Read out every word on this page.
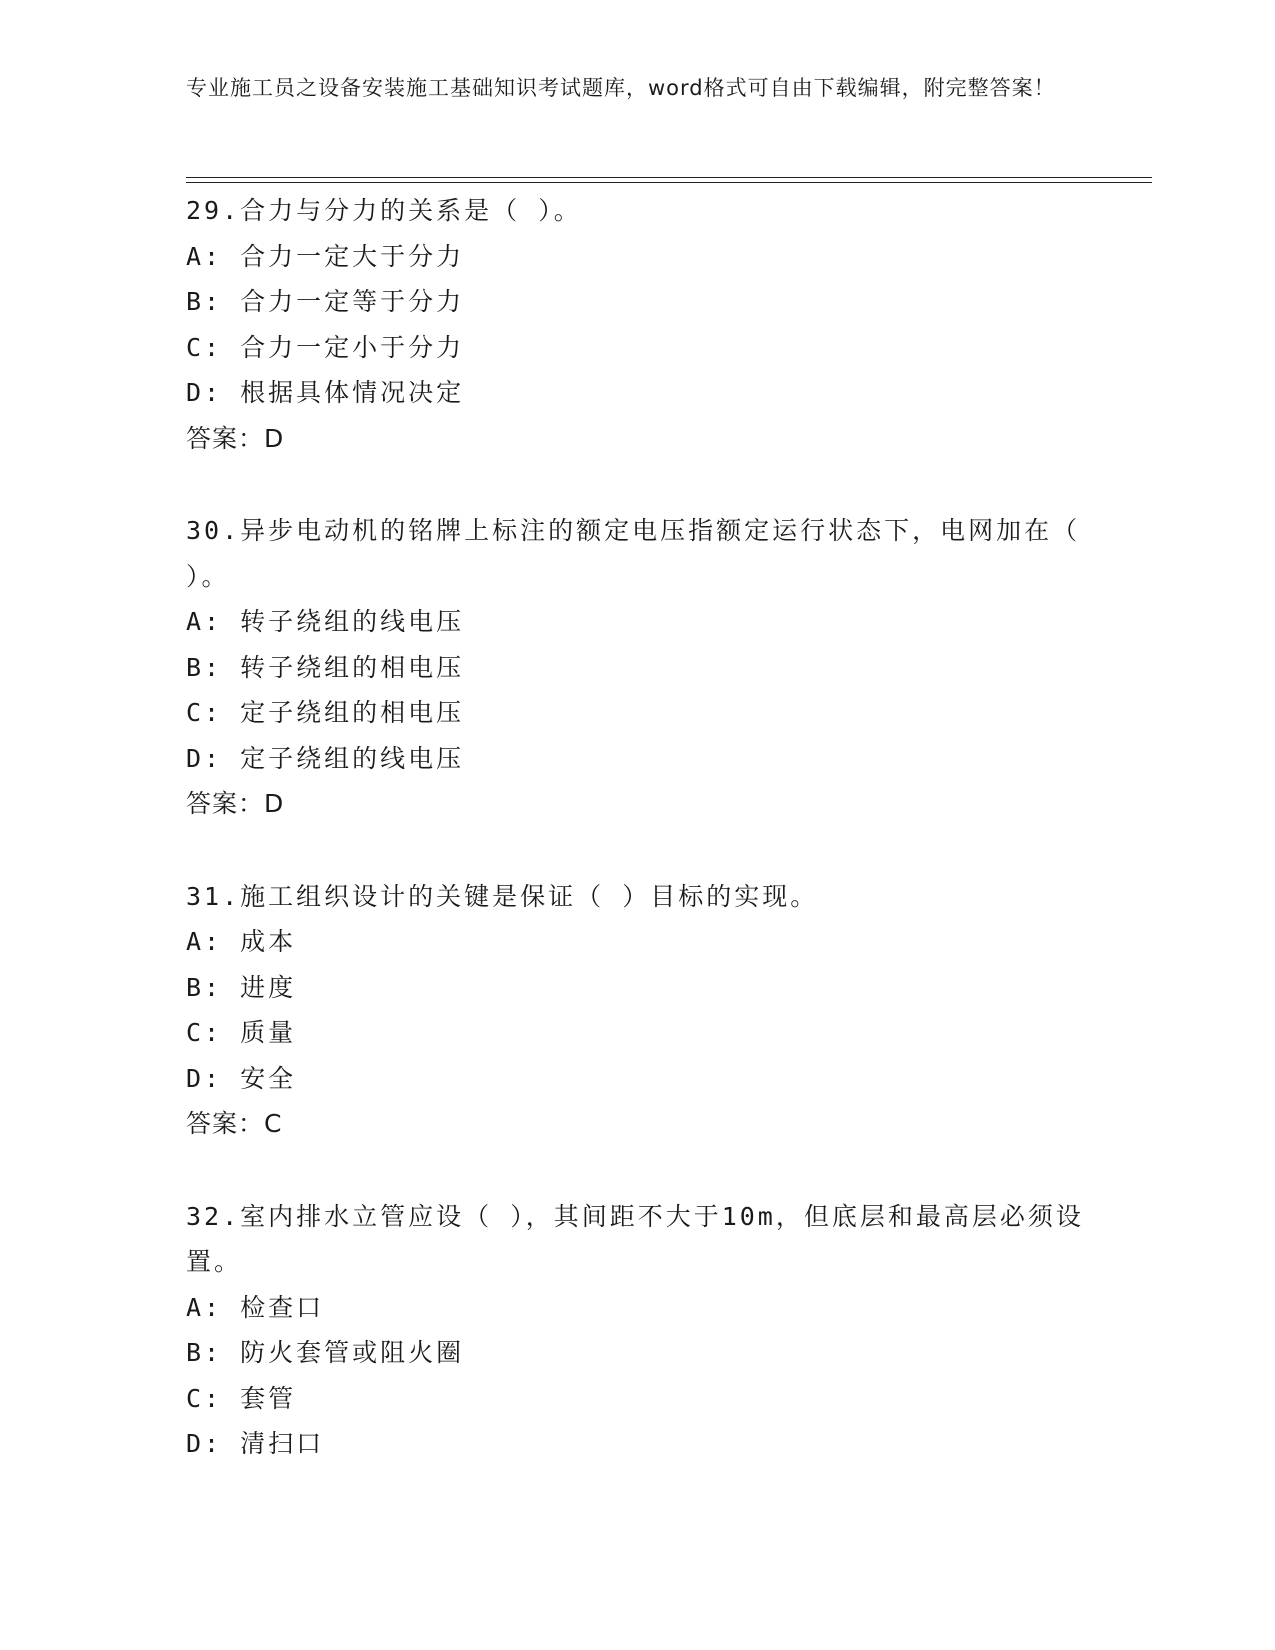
专业施工员之设备安装施工基础知识考试题库，word格式可自由下载编辑，附完整答案！
29.合力与分力的关系是（ ）。
A: 合力一定大于分力
B: 合力一定等于分力
C: 合力一定小于分力
D: 根据具体情况决定
答案：D
30.异步电动机的铭牌上标注的额定电压指额定运行状态下，电网加在（ ）。
A: 转子绕组的线电压
B: 转子绕组的相电压
C: 定子绕组的相电压
D: 定子绕组的线电压
答案：D
31.施工组织设计的关键是保证（ ）目标的实现。
A: 成本
B: 进度
C: 质量
D: 安全
答案：C
32.室内排水立管应设（ ），其间距不大于10m，但底层和最高层必须设置。
A: 检查口
B: 防火套管或阻火圈
C: 套管
D: 清扫口
